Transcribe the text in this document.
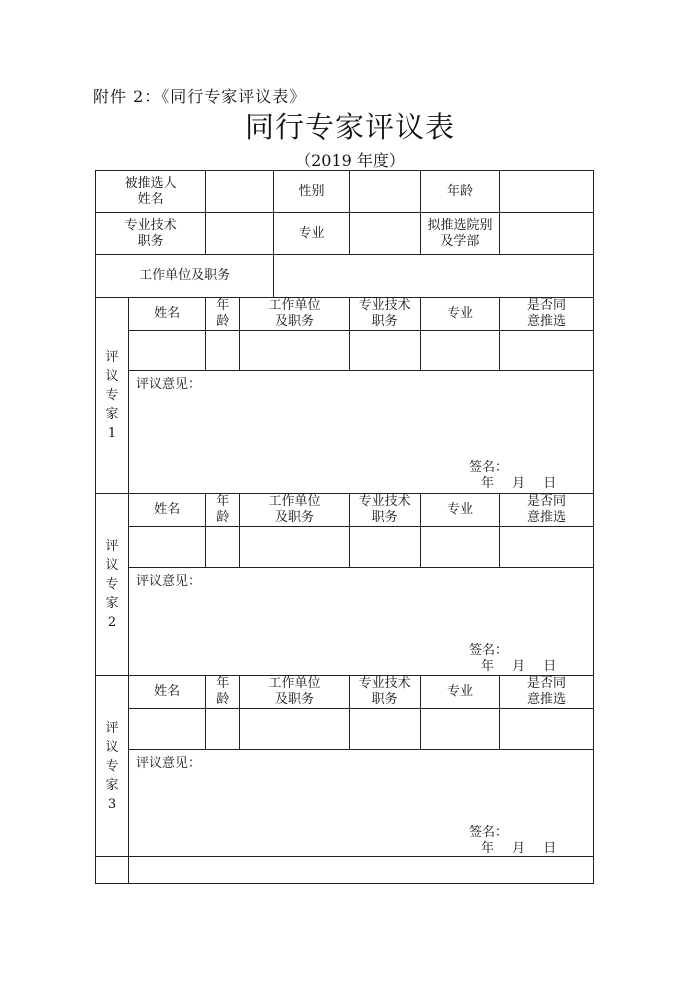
附件 2：《同行专家评议表》
同行专家评议表
（2019 年度）
被推选人姓名				性别		年龄	
专业技术职务				专业		拟推选院别及学部	
工作单位及职务							
评议专家1	姓名	年龄	工作单位及职务		专业技术职务	专业	是否同意推选

	评议意见：
签名：
年 月 日						

评议专家2	姓名	年龄	工作单位及职务		专业技术职务	专业	是否同意推选

	评议意见：
签名：
年 月 日						

评议专家3	姓名	年龄	工作单位及职务		专业技术职务	专业	是否同意推选

	评议意见：
签名：
年 月 日						
